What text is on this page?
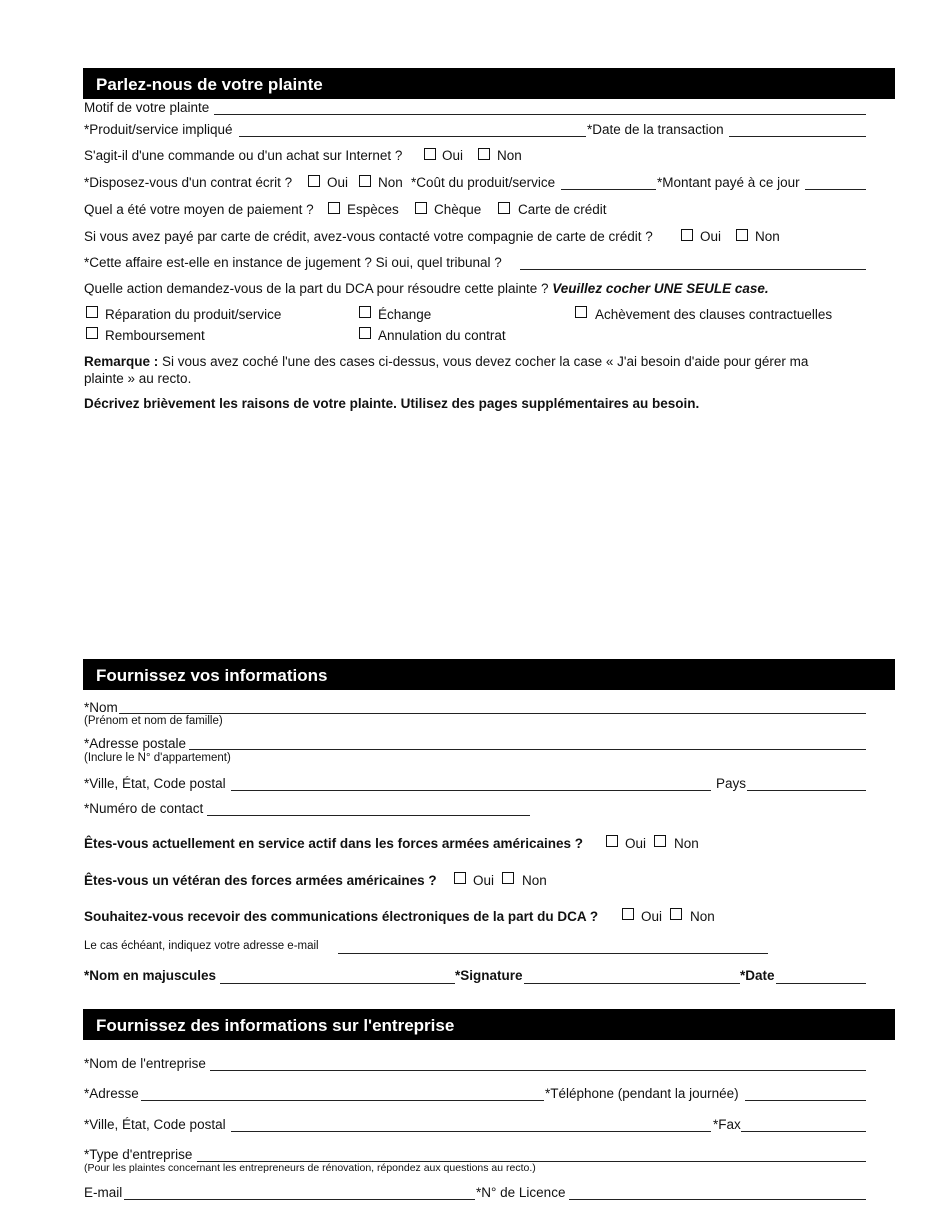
Parlez-nous de votre plainte
Motif de votre plainte
*Produit/service impliqué	*Date de la transaction
S'agit-il d'une commande ou d'un achat sur Internet ?	Oui	Non
*Disposez-vous d'un contrat écrit ?	Oui Non *Coût du produit/service	*Montant payé à ce jour
Quel a été votre moyen de paiement ? Espèces	Chèque	Carte de crédit
Si vous avez payé par carte de crédit, avez-vous contacté votre compagnie de carte de crédit ?	Oui	Non
*Cette affaire est-elle en instance de jugement ? Si oui, quel tribunal ?
Quelle action demandez-vous de la part du DCA pour résoudre cette plainte ? Veuillez cocher UNE SEULE case.
Réparation du produit/service	Échange	Achèvement des clauses contractuelles
Remboursement	Annulation du contrat
Remarque : Si vous avez coché l'une des cases ci-dessus, vous devez cocher la case « J'ai besoin d'aide pour gérer ma
plainte » au recto.
Décrivez brièvement les raisons de votre plainte. Utilisez des pages supplémentaires au besoin.
Fournissez vos informations
*Nom
(Prénom et nom de famille)
*Adresse postale
(Inclure le N° d'appartement)
*Ville, État, Code postal	Pays
*Numéro de contact
Êtes-vous actuellement en service actif dans les forces armées américaines ?	Oui Non
Êtes-vous un vétéran des forces armées américaines ?	Oui Non
Souhaitez-vous recevoir des communications électroniques de la part du DCA ?	Oui Non
Le cas échéant, indiquez votre adresse e-mail
*Nom en majuscules	*Signature	*Date
Fournissez des informations sur l'entreprise
*Nom de l'entreprise
*Adresse	*Téléphone (pendant la journée)
*Ville, État, Code postal	*Fax
*Type d'entreprise
(Pour les plaintes concernant les entrepreneurs de rénovation, répondez aux questions au recto.)
E-mail	*N° de Licence
